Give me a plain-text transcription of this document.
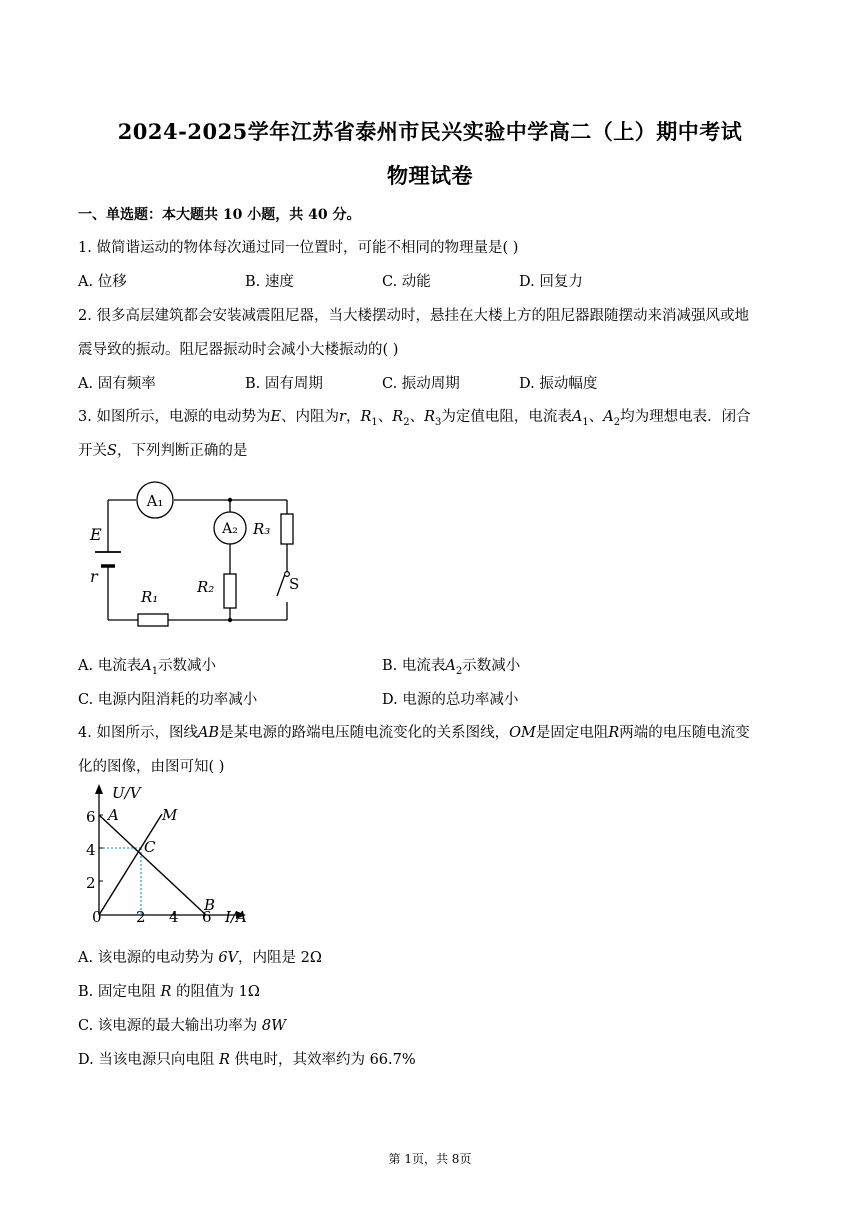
2024-2025学年江苏省泰州市民兴实验中学高二（上）期中考试
物理试卷
一、单选题：本大题共 10 小题，共 40 分。
1. 做简谐运动的物体每次通过同一位置时，可能不相同的物理量是( )
A. 位移	B. 速度	C. 动能	D. 回复力
2. 很多高层建筑都会安装减震阻尼器，当大楼摆动时，悬挂在大楼上方的阻尼器跟随摆动来消减强风或地
震导致的振动。阻尼器振动时会减小大楼振动的( )
A. 固有频率	B. 固有周期	C. 振动周期	D. 振动幅度
3. 如图所示，电源的电动势为E、内阻为r，$R_1$、$R_2$、$R_3$为定值电阻，电流表$A_1$、$A_2$均为理想电表．闭合
开关S，下列判断正确的是
A₁
A₂ R₃
E
r
R₁
R₂	S
A. 电流表$A_1$示数减小	B. 电流表$A_2$示数减小
C. 电源内阻消耗的功率减小	D. 电源的总功率减小
4. 如图所示，图线AB是某电源的路端电压随电流变化的关系图线，OM是固定电阻R两端的电压随电流变
化的图像，由图可知( )
U/V
6
4
2
0 2 4 6 I/A
A	M
C
B
A. 该电源的电动势为 6V，内阻是 2Ω
B. 固定电阻 R 的阻值为 1Ω
C. 该电源的最大输出功率为 8W
D. 当该电源只向电阻 R 供电时，其效率约为 66.7%
第 1页，共 8页
